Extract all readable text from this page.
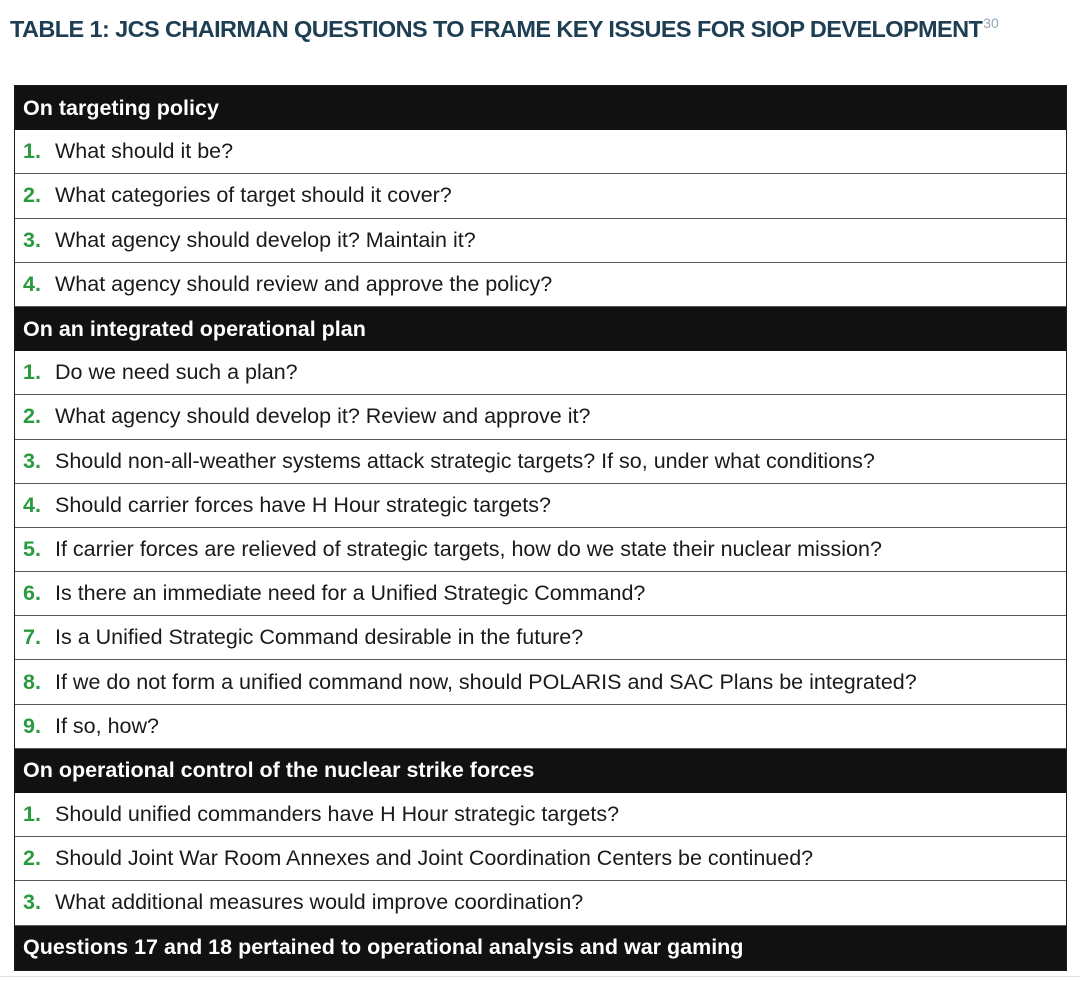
TABLE 1: JCS CHAIRMAN QUESTIONS TO FRAME KEY ISSUES FOR SIOP DEVELOPMENT$^{30}$
On targeting policy
1. What should it be?
2. What categories of target should it cover?
3. What agency should develop it? Maintain it?
4. What agency should review and approve the policy?
On an integrated operational plan
1. Do we need such a plan?
2. What agency should develop it? Review and approve it?
3. Should non-all-weather systems attack strategic targets? If so, under what conditions?
4. Should carrier forces have H Hour strategic targets?
5. If carrier forces are relieved of strategic targets, how do we state their nuclear mission?
6. Is there an immediate need for a Unified Strategic Command?
7. Is a Unified Strategic Command desirable in the future?
8. If we do not form a unified command now, should POLARIS and SAC Plans be integrated?
9. If so, how?
On operational control of the nuclear strike forces
1. Should unified commanders have H Hour strategic targets?
2. Should Joint War Room Annexes and Joint Coordination Centers be continued?
3. What additional measures would improve coordination?
Questions 17 and 18 pertained to operational analysis and war gaming
